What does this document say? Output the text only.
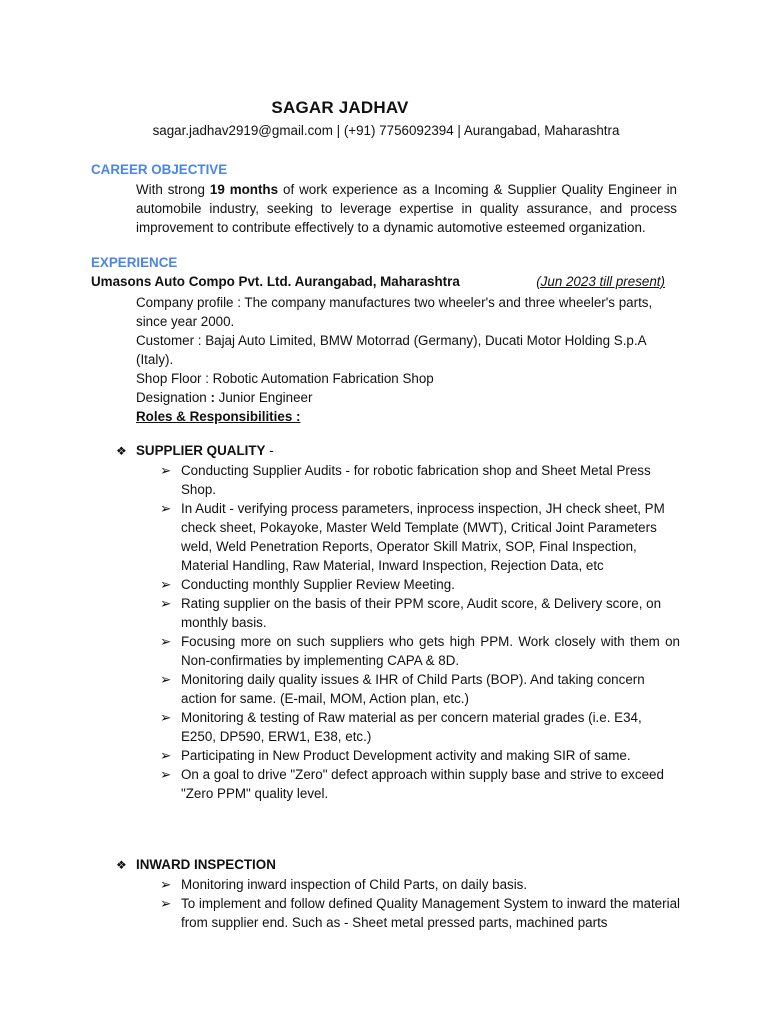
SAGAR JADHAV
sagar.jadhav2919@gmail.com | (+91) 7756092394 | Aurangabad, Maharashtra
CAREER OBJECTIVE
With strong 19 months of work experience as a Incoming & Supplier Quality Engineer in automobile industry, seeking to leverage expertise in quality assurance, and process improvement to contribute effectively to a dynamic automotive esteemed organization.
EXPERIENCE
Umasons Auto Compo Pvt. Ltd. Aurangabad, Maharashtra	(Jun 2023 till present)
Company profile : The company manufactures two wheeler's and three wheeler's parts, since year 2000.
Customer : Bajaj Auto Limited, BMW Motorrad (Germany), Ducati Motor Holding S.p.A (Italy).
Shop Floor : Robotic Automation Fabrication Shop
Designation : Junior Engineer
Roles & Responsibilities :
❖ SUPPLIER QUALITY -
➢ Conducting Supplier Audits - for robotic fabrication shop and Sheet Metal Press Shop.
➢ In Audit - verifying process parameters, inprocess inspection, JH check sheet, PM check sheet, Pokayoke, Master Weld Template (MWT), Critical Joint Parameters weld, Weld Penetration Reports, Operator Skill Matrix, SOP, Final Inspection, Material Handling, Raw Material, Inward Inspection, Rejection Data, etc
➢ Conducting monthly Supplier Review Meeting.
➢ Rating supplier on the basis of their PPM score, Audit score, & Delivery score, on monthly basis.
➢ Focusing more on such suppliers who gets high PPM. Work closely with them on Non-confirmaties by implementing CAPA & 8D.
➢ Monitoring daily quality issues & IHR of Child Parts (BOP). And taking concern action for same. (E-mail, MOM, Action plan, etc.)
➢ Monitoring & testing of Raw material as per concern material grades (i.e. E34, E250, DP590, ERW1, E38, etc.)
➢ Participating in New Product Development activity and making SIR of same.
➢ On a goal to drive "Zero" defect approach within supply base and strive to exceed "Zero PPM" quality level.
❖ INWARD INSPECTION
➢ Monitoring inward inspection of Child Parts, on daily basis.
➢ To implement and follow defined Quality Management System to inward the material from supplier end. Such as - Sheet metal pressed parts, machined parts
